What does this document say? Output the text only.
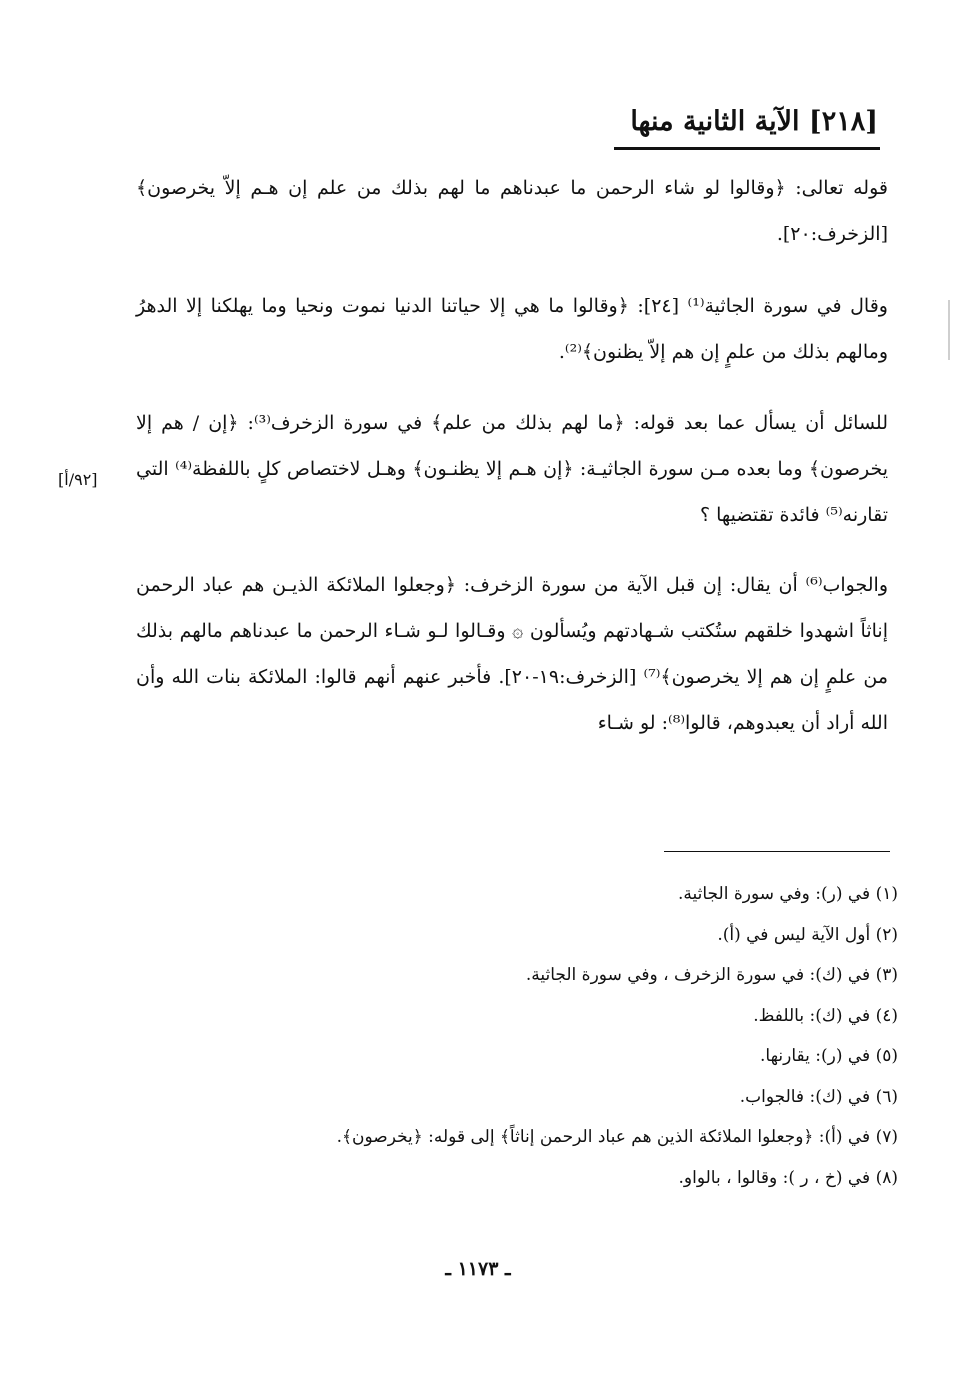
[٢١٨] الآية الثانية منها
قوله تعالى: ﴿وقالوا لو شاء الرحمن ما عبدناهم ما لهم بذلك من علم إن هـم إلاّ يخرصون﴾ [الزخرف:٢٠].
وقال في سورة الجاثية⁽¹⁾ [٢٤]: ﴿وقالوا ما هي إلا حياتنا الدنيا نموت ونحيا وما يهلكنا إلا الدهرُ ومالهم بذلك من علمٍ إن هم إلاّ يظنون﴾⁽²⁾.
للسائل أن يسأل عما بعد قوله: ﴿ما لهم بذلك من علم﴾ في سورة الزخرف⁽³⁾: ﴿إن / هم إلا يخرصون﴾ وما بعده مـن سورة الجاثيـة: ﴿إن هـم إلا يظنـون﴾ وهـل لاختصاص كلٍ باللفظة⁽⁴⁾ التي تقارنه⁽⁵⁾ فائدة تقتضيها ؟
والجواب⁽⁶⁾ أن يقال: إن قبل الآية من سورة الزخرف: ﴿وجعلوا الملائكة الذيـن هم عباد الرحمن إناثاً اشهدوا خلقهم ستُكتب شـهادتهم ويُسألون ۞ وقـالوا لـو شـاء الرحمن ما عبدناهم مالهم بذلك من علمٍ إن هم إلا يخرصون﴾⁽⁷⁾ [الزخرف:١٩-٢٠]. فأخبر عنهم أنهم قالوا: الملائكة بنات الله وأن الله أراد أن يعبدوهم، قالوا⁽⁸⁾: لو شـاء
[٩٢/أ]
(١) في (ر): وفي سورة الجاثية.
(٢) أول الآية ليس في (أ).
(٣) في (ك): في سورة الزخرف ، وفي سورة الجاثية.
(٤) في (ك): باللفظ.
(٥) في (ر): يقارنها.
(٦) في (ك): فالجواب.
(٧) في (أ): ﴿وجعلوا الملائكة الذين هم عباد الرحمن إناثاً﴾ إلى قوله: ﴿يخرصون﴾.
(٨) في (خ ، ر ): وقالوا ، بالواو.
ـ ١١٧٣ ـ
